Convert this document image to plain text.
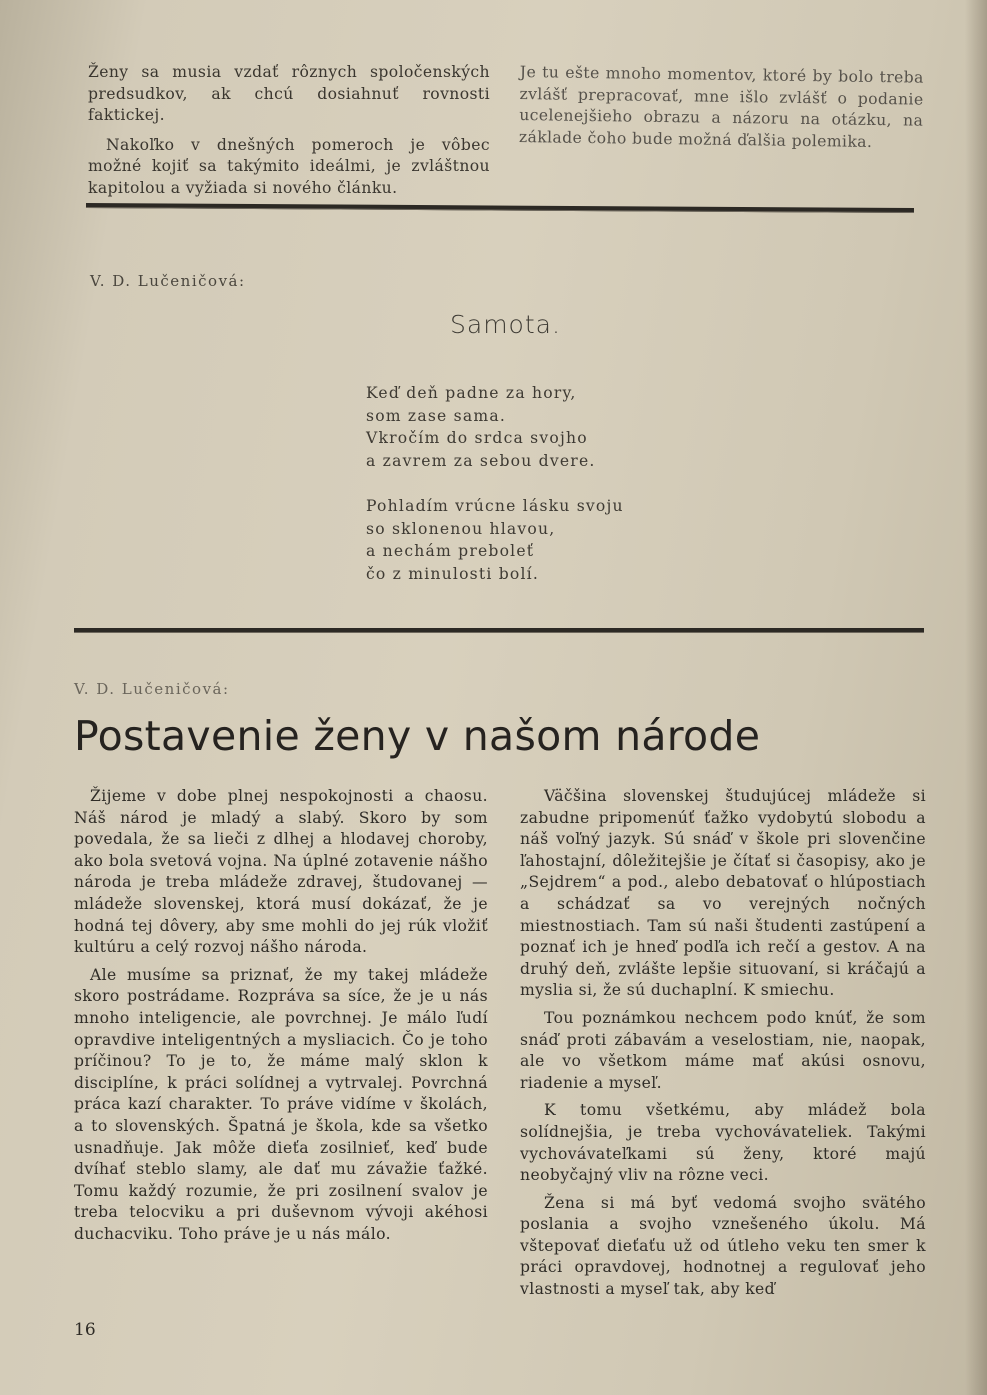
Ženy sa musia vzdať rôznych spoločenských predsudkov, ak chcú dosiahnuť rovnosti faktickej.

Nakoľko v dnešných pomeroch je vôbec možné kojiť sa takýmito ideálmi, je zvláštnou kapitolou a vyžiada si nového článku.

Je tu ešte mnoho momentov, ktoré by bolo treba zvlášť prepracovať, mne išlo zvlášť o podanie ucelenejšieho obrazu a názoru na otázku, na základe čoho bude možná ďalšia polemika.

V. D. Lučeničová:
Samota.
Keď deň padne za hory,
som zase sama.
Vkročím do srdca svojho
a zavrem za sebou dvere.
Pohladím vrúcne lásku svoju
so sklonenou hlavou,
a nechám preboleť
čo z minulosti bolí.
V. D. Lučeničová:
Postavenie ženy v našom národe

Žijeme v dobe plnej nespokojnosti a chaosu. Náš národ je mladý a slabý. Skoro by som povedala, že sa lieči z dlhej a hlodavej choroby, ako bola svetová vojna. Na úplné zotavenie nášho národa je treba mládeže zdravej, študovanej — mládeže slovenskej, ktorá musí dokázať, že je hodná tej dôvery, aby sme mohli do jej rúk vložiť kultúru a celý rozvoj nášho národa.

Ale musíme sa priznať, že my takej mládeže skoro postrádame. Rozpráva sa síce, že je u nás mnoho inteligencie, ale povrchnej. Je málo ľudí opravdive inteligentných a mysliacich. Čo je toho príčinou? To je to, že máme malý sklon k disciplíne, k práci solídnej a vytrvalej. Povrchná práca kazí charakter. To práve vidíme v školách, a to slovenských. Špatná je škola, kde sa všetko usnadňuje. Jak môže dieťa zosilnieť, keď bude dvíhať steblo slamy, ale dať mu závažie ťažké. Tomu každý rozumie, že pri zosilnení svalov je treba telocviku a pri duševnom vývoji akéhosi duchacviku. Toho práve je u nás málo.

Väčšina slovenskej študujúcej mládeže si zabudne pripomenúť ťažko vydobytú slobodu a náš voľný jazyk. Sú snáď v škole pri slovenčine ľahostajní, dôležitejšie je čítať si časopisy, ako je „Sejdrem“ a pod., alebo debatovať o hlúpostiach a schádzať sa vo verejných nočných miestnostiach. Tam sú naši študenti zastúpení a poznať ich je hneď podľa ich rečí a gestov. A na druhý deň, zvlášte lepšie situovaní, si kráčajú a myslia si, že sú duchaplní. K smiechu.

Tou poznámkou nechcem podo knúť, že som snáď proti zábavám a veselostiam, nie, naopak, ale vo všetkom máme mať akúsi osnovu, riadenie a myseľ.

K tomu všetkému, aby mládež bola solídnejšia, je treba vychovávateliek. Takými vychovávateľkami sú ženy, ktoré majú neobyčajný vliv na rôzne veci.

Žena si má byť vedomá svojho svätého poslania a svojho vznešeného úkolu. Má vštepovať dieťaťu už od útleho veku ten smer k práci opravdovej, hodnotnej a regulovať jeho vlastnosti a myseľ tak, aby keď

16
